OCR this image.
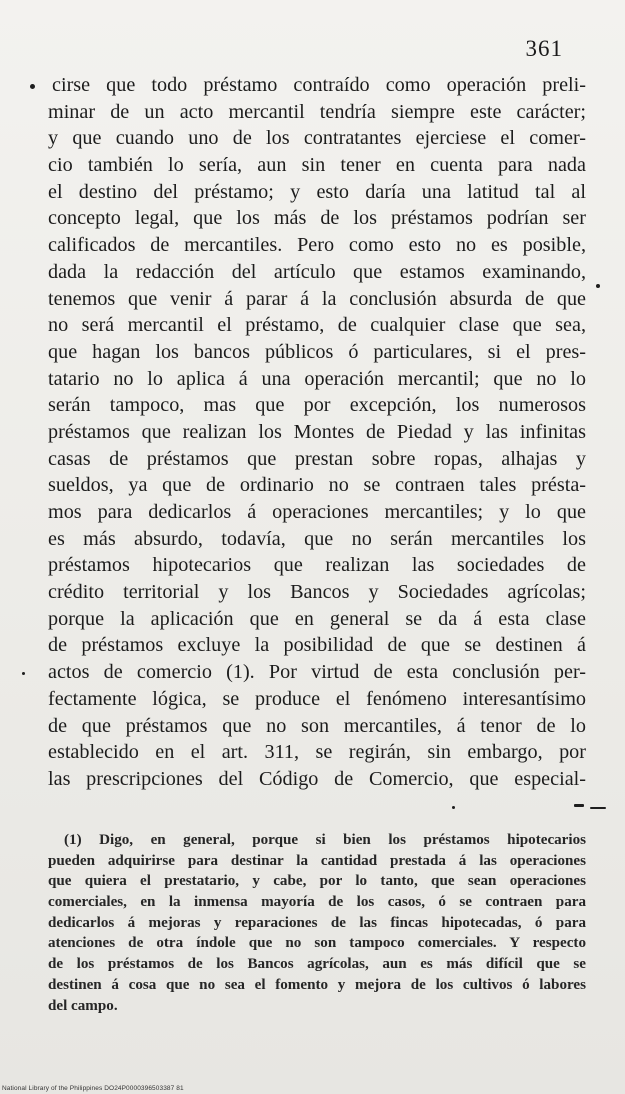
361
cirse que todo préstamo contraído como operación preli-
minar de un acto mercantil tendría siempre este carácter;
y que cuando uno de los contratantes ejerciese el comer-
cio también lo sería, aun sin tener en cuenta para nada
el destino del préstamo; y esto daría una latitud tal al
concepto legal, que los más de los préstamos podrían ser
calificados de mercantiles. Pero como esto no es posible,
dada la redacción del artículo que estamos examinando,
tenemos que venir á parar á la conclusión absurda de que
no será mercantil el préstamo, de cualquier clase que sea,
que hagan los bancos públicos ó particulares, si el pres-
tatario no lo aplica á una operación mercantil; que no lo
serán tampoco, mas que por excepción, los numerosos
préstamos que realizan los Montes de Piedad y las infinitas
casas de préstamos que prestan sobre ropas, alhajas y
sueldos, ya que de ordinario no se contraen tales présta-
mos para dedicarlos á operaciones mercantiles; y lo que
es más absurdo, todavía, que no serán mercantiles los
préstamos hipotecarios que realizan las sociedades de
crédito territorial y los Bancos y Sociedades agrícolas;
porque la aplicación que en general se da á esta clase
de préstamos excluye la posibilidad de que se destinen á
actos de comercio (1). Por virtud de esta conclusión per-
fectamente lógica, se produce el fenómeno interesantísimo
de que préstamos que no son mercantiles, á tenor de lo
establecido en el art. 311, se regirán, sin embargo, por
las prescripciones del Código de Comercio, que especial-
(1) Digo, en general, porque si bien los préstamos hipotecarios
pueden adquirirse para destinar la cantidad prestada á las operaciones
que quiera el prestatario, y cabe, por lo tanto, que sean operaciones
comerciales, en la inmensa mayoría de los casos, ó se contraen para
dedicarlos á mejoras y reparaciones de las fincas hipotecadas, ó para
atenciones de otra índole que no son tampoco comerciales. Y respecto
de los préstamos de los Bancos agrícolas, aun es más difícil que se
destinen á cosa que no sea el fomento y mejora de los cultivos ó labores
del campo.
National Library of the Philippines DO24P0000396503387 81
